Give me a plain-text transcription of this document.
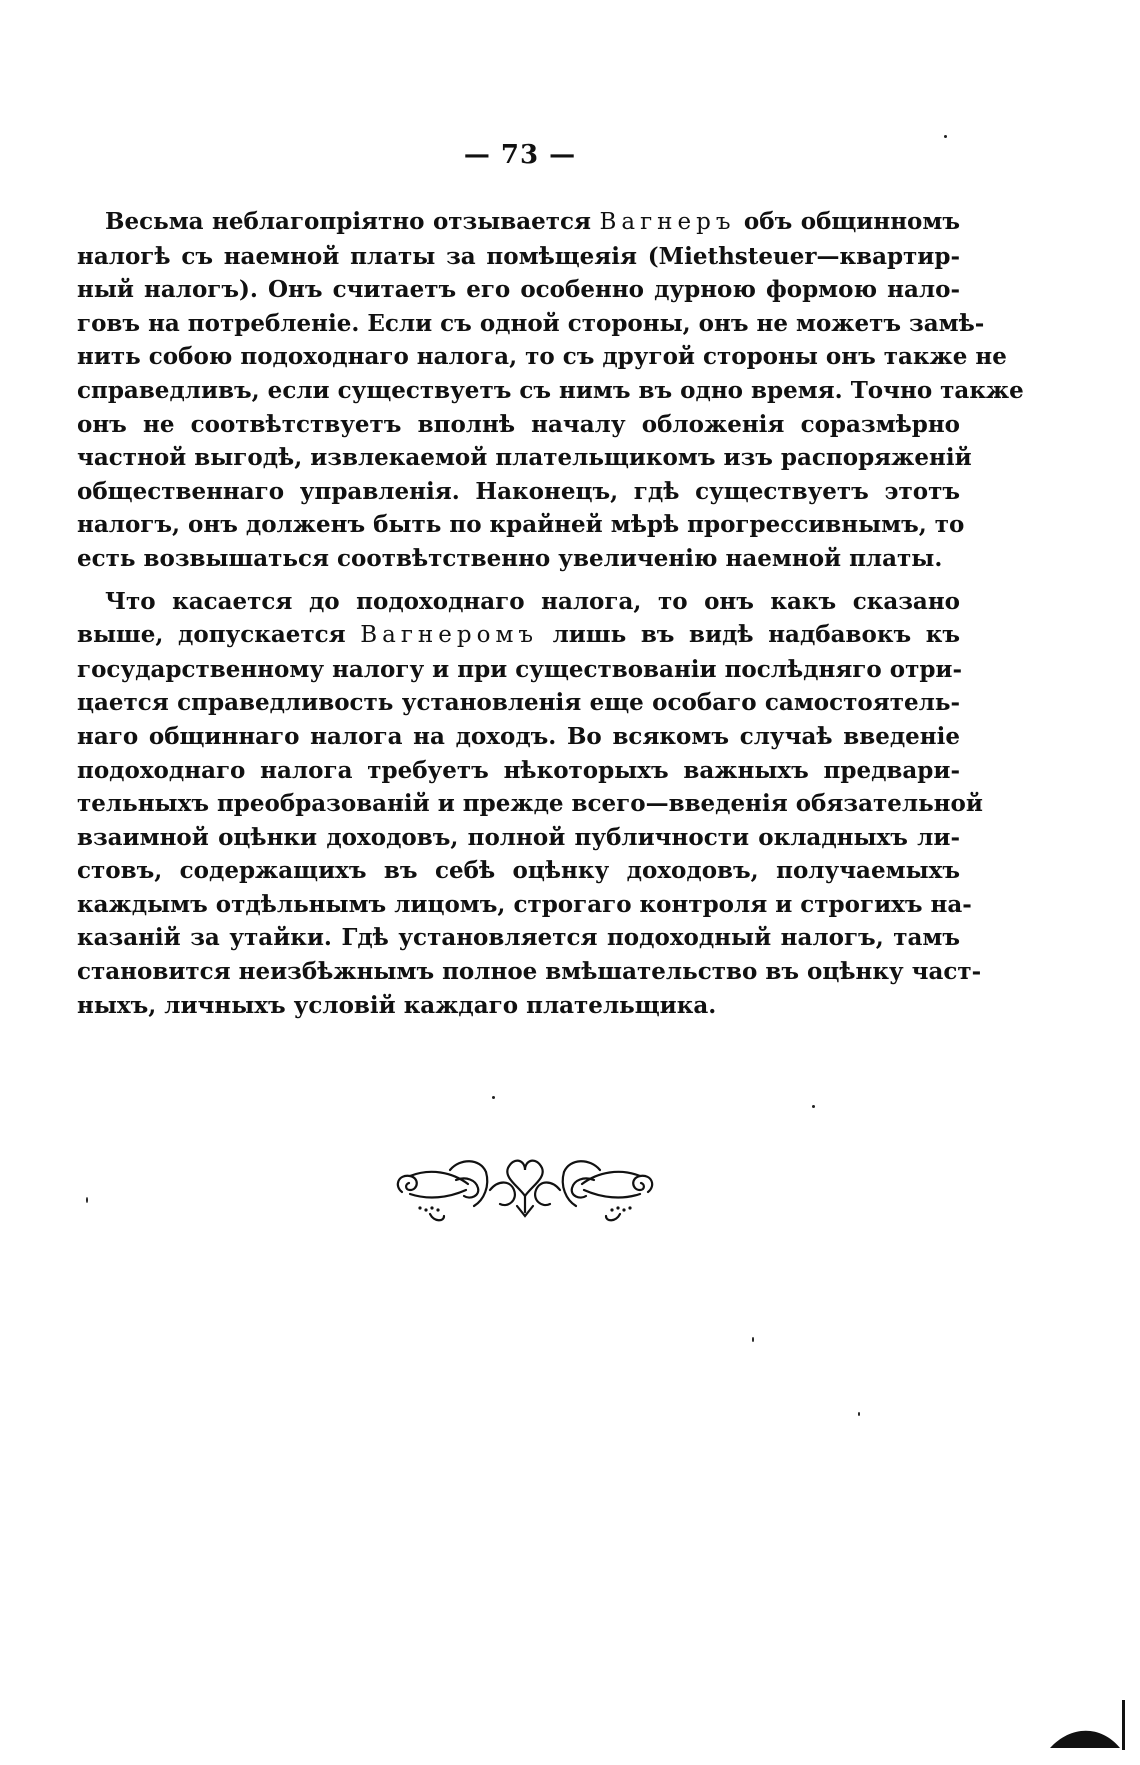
— 73 —
Весьма неблагопріятно отзывается Вагнеръ объ общинномъ
налогѣ съ наемной платы за помѣщеяія (Miethsteuer—квартир-
ный налогъ). Онъ считаетъ его особенно дурною формою нало-
говъ на потребленіе. Если съ одной стороны, онъ не можетъ замѣ-
нить собою подоходнаго налога, то съ другой стороны онъ также не
справедливъ, если существуетъ съ нимъ въ одно время. Точно также
онъ не соотвѣтствуетъ вполнѣ началу обложенія соразмѣрно
частной выгодѣ, извлекаемой плательщикомъ изъ распоряженій
общественнаго управленія. Наконецъ, гдѣ существуетъ этотъ
налогъ, онъ долженъ быть по крайней мѣрѣ прогрессивнымъ, то
есть возвышаться соотвѣтственно увеличенію наемной платы.
Что касается до подоходнаго налога, то онъ какъ сказано
выше, допускается Вагнеромъ лишь въ видѣ надбавокъ къ
государственному налогу и при существованіи послѣдняго отри-
цается справедливость установленія еще особаго самостоятель-
наго общиннаго налога на доходъ. Во всякомъ случаѣ введеніе
подоходнаго налога требуетъ нѣкоторыхъ важныхъ предвари-
тельныхъ преобразованій и прежде всего—введенія обязательной
взаимной оцѣнки доходовъ, полной публичности окладныхъ ли-
стовъ, содержащихъ въ себѣ оцѣнку доходовъ, получаемыхъ
каждымъ отдѣльнымъ лицомъ, строгаго контроля и строгихъ на-
казаній за утайки. Гдѣ установляется подоходный налогъ, тамъ
становится неизбѣжнымъ полное вмѣшательство въ оцѣнку част-
ныхъ, личныхъ условій каждаго плательщика.
